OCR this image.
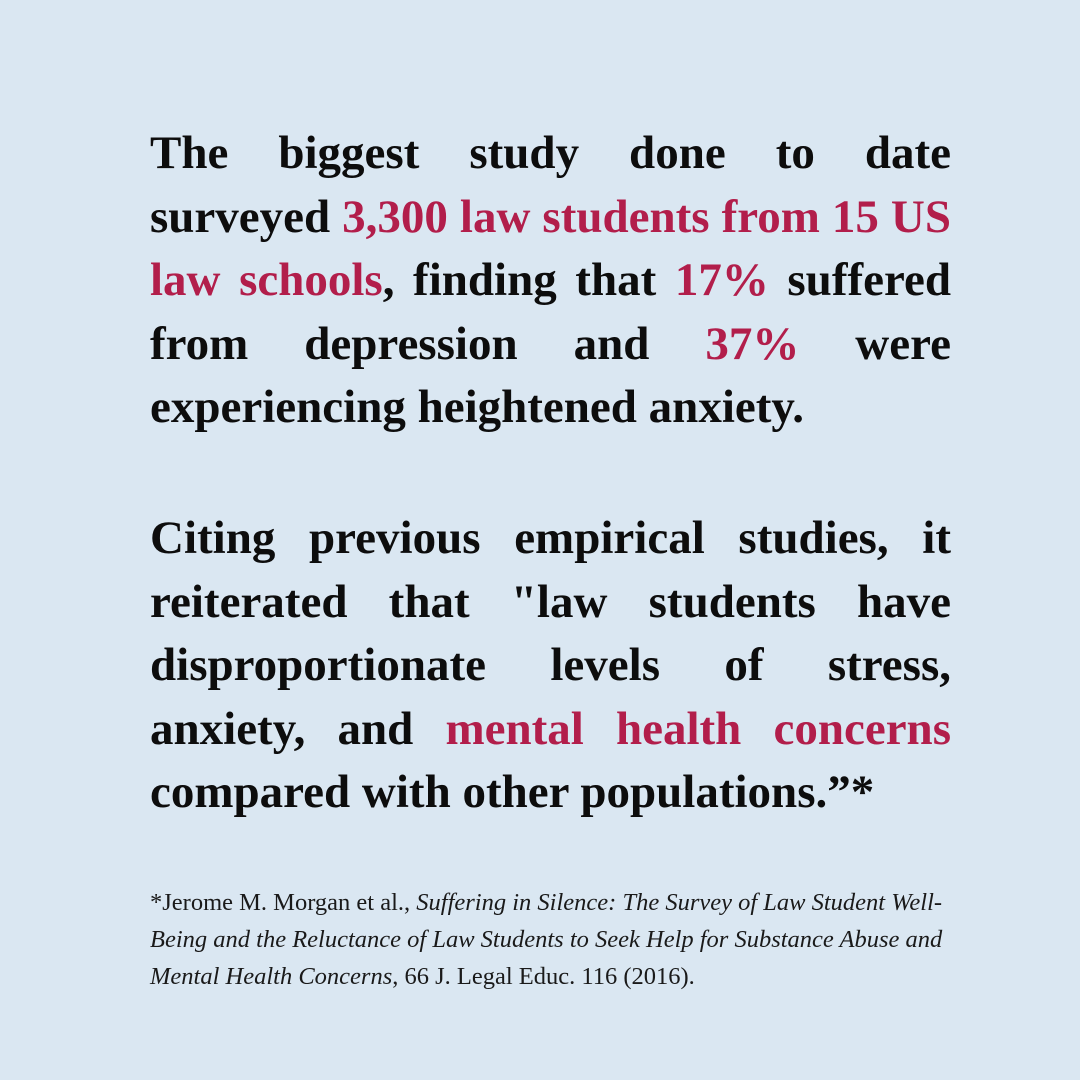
The biggest study done to date surveyed 3,300 law students from 15 US law schools, finding that 17% suffered from depression and 37% were experiencing heightened anxiety.

Citing previous empirical studies, it reiterated that "law students have disproportionate levels of stress, anxiety, and mental health concerns compared with other populations.”*

*Jerome M. Morgan et al., Suffering in Silence: The Survey of Law Student Well-Being and the Reluctance of Law Students to Seek Help for Substance Abuse and Mental Health Concerns, 66 J. Legal Educ. 116 (2016).
